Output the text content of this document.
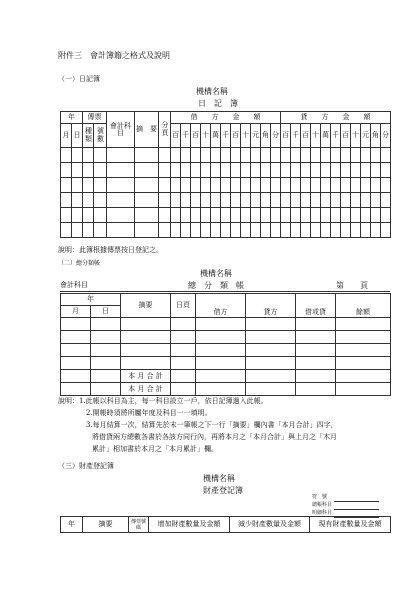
附件三　會計簿籍之格式及說明
（一）日記簿
機構名稱
日　記　簿
年		傳票		會計科目	摘　要	分頁	借　　方　　金　　額											貸　　方　　金　　額										
月	日	種類	號數				百	千	百	十	萬	千	百	十	元	角	分	百	千	百	十	萬	千	百	十	元	角	分

說明：此簿根據傳票按日登記之。
（二）總分類帳
機構名稱
會計科目	總　分　類　帳	第　　頁
年		摘要	日頁	借方	貸方	借或貸	餘額
月	日						

		本 月 合 計					
		本 月 合 計					
說明：1.此帳以科目為主，每一科目設立一戶，依日記簿過入此帳。
2.開帳時須將所屬年度及科目一一填明。
3.每月結算一次，結算先於末一筆帳之下一行「摘要」欄內書「本月合計」四字，
將借貸兩方總數各書於各該方同行內，再將本月之「本月合計」與上月之「木月
累計」相加書於本月之「本月累計」欄。
（三）財產登記簿
機構名稱
財產登記簿
符　號
總帳科目
明細科目
年	摘要	傳票號碼	增加財產數量及金額	減少財產數量及金額	現有財產數量及金額
